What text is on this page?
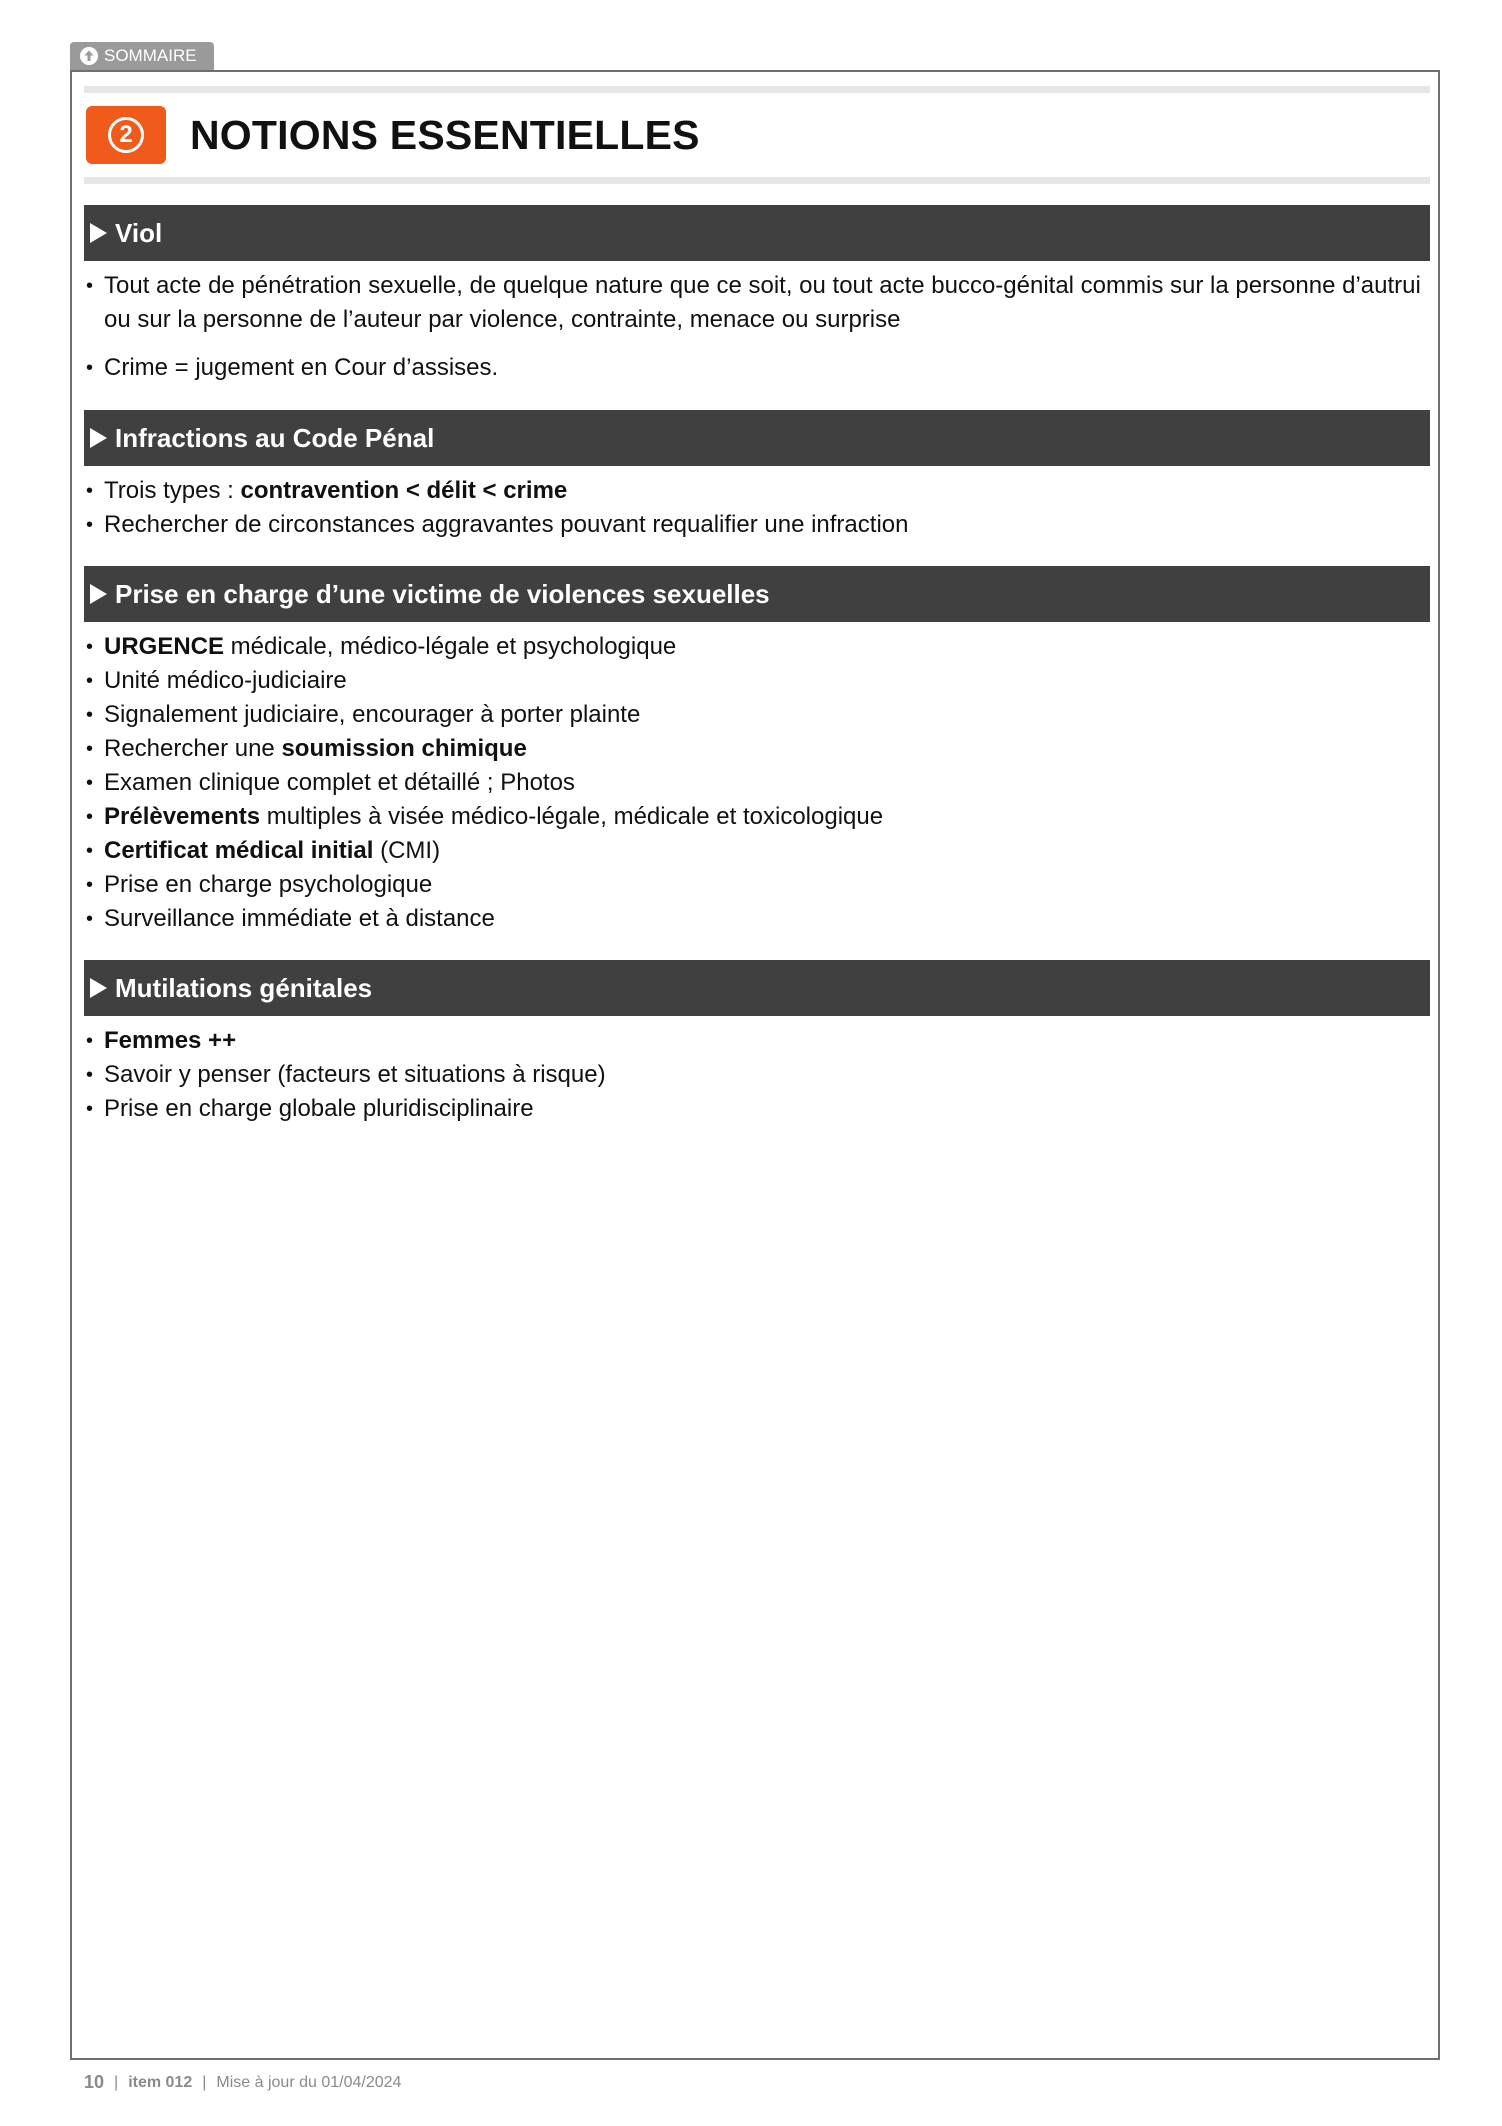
SOMMAIRE
2 NOTIONS ESSENTIELLES
Viol
• Tout acte de pénétration sexuelle, de quelque nature que ce soit, ou tout acte bucco-génital commis sur la personne d’autrui ou sur la personne de l’auteur par violence, contrainte, menace ou surprise
• Crime = jugement en Cour d’assises.
Infractions au Code Pénal
• Trois types : contravention < délit < crime
• Rechercher de circonstances aggravantes pouvant requalifier une infraction
Prise en charge d’une victime de violences sexuelles
• URGENCE médicale, médico-légale et psychologique
• Unité médico-judiciaire
• Signalement judiciaire, encourager à porter plainte
• Rechercher une soumission chimique
• Examen clinique complet et détaillé ; Photos
• Prélèvements multiples à visée médico-légale, médicale et toxicologique
• Certificat médical initial (CMI)
• Prise en charge psychologique
• Surveillance immédiate et à distance
Mutilations génitales
• Femmes ++
• Savoir y penser (facteurs et situations à risque)
• Prise en charge globale pluridisciplinaire
10 | item 012 | Mise à jour du 01/04/2024
